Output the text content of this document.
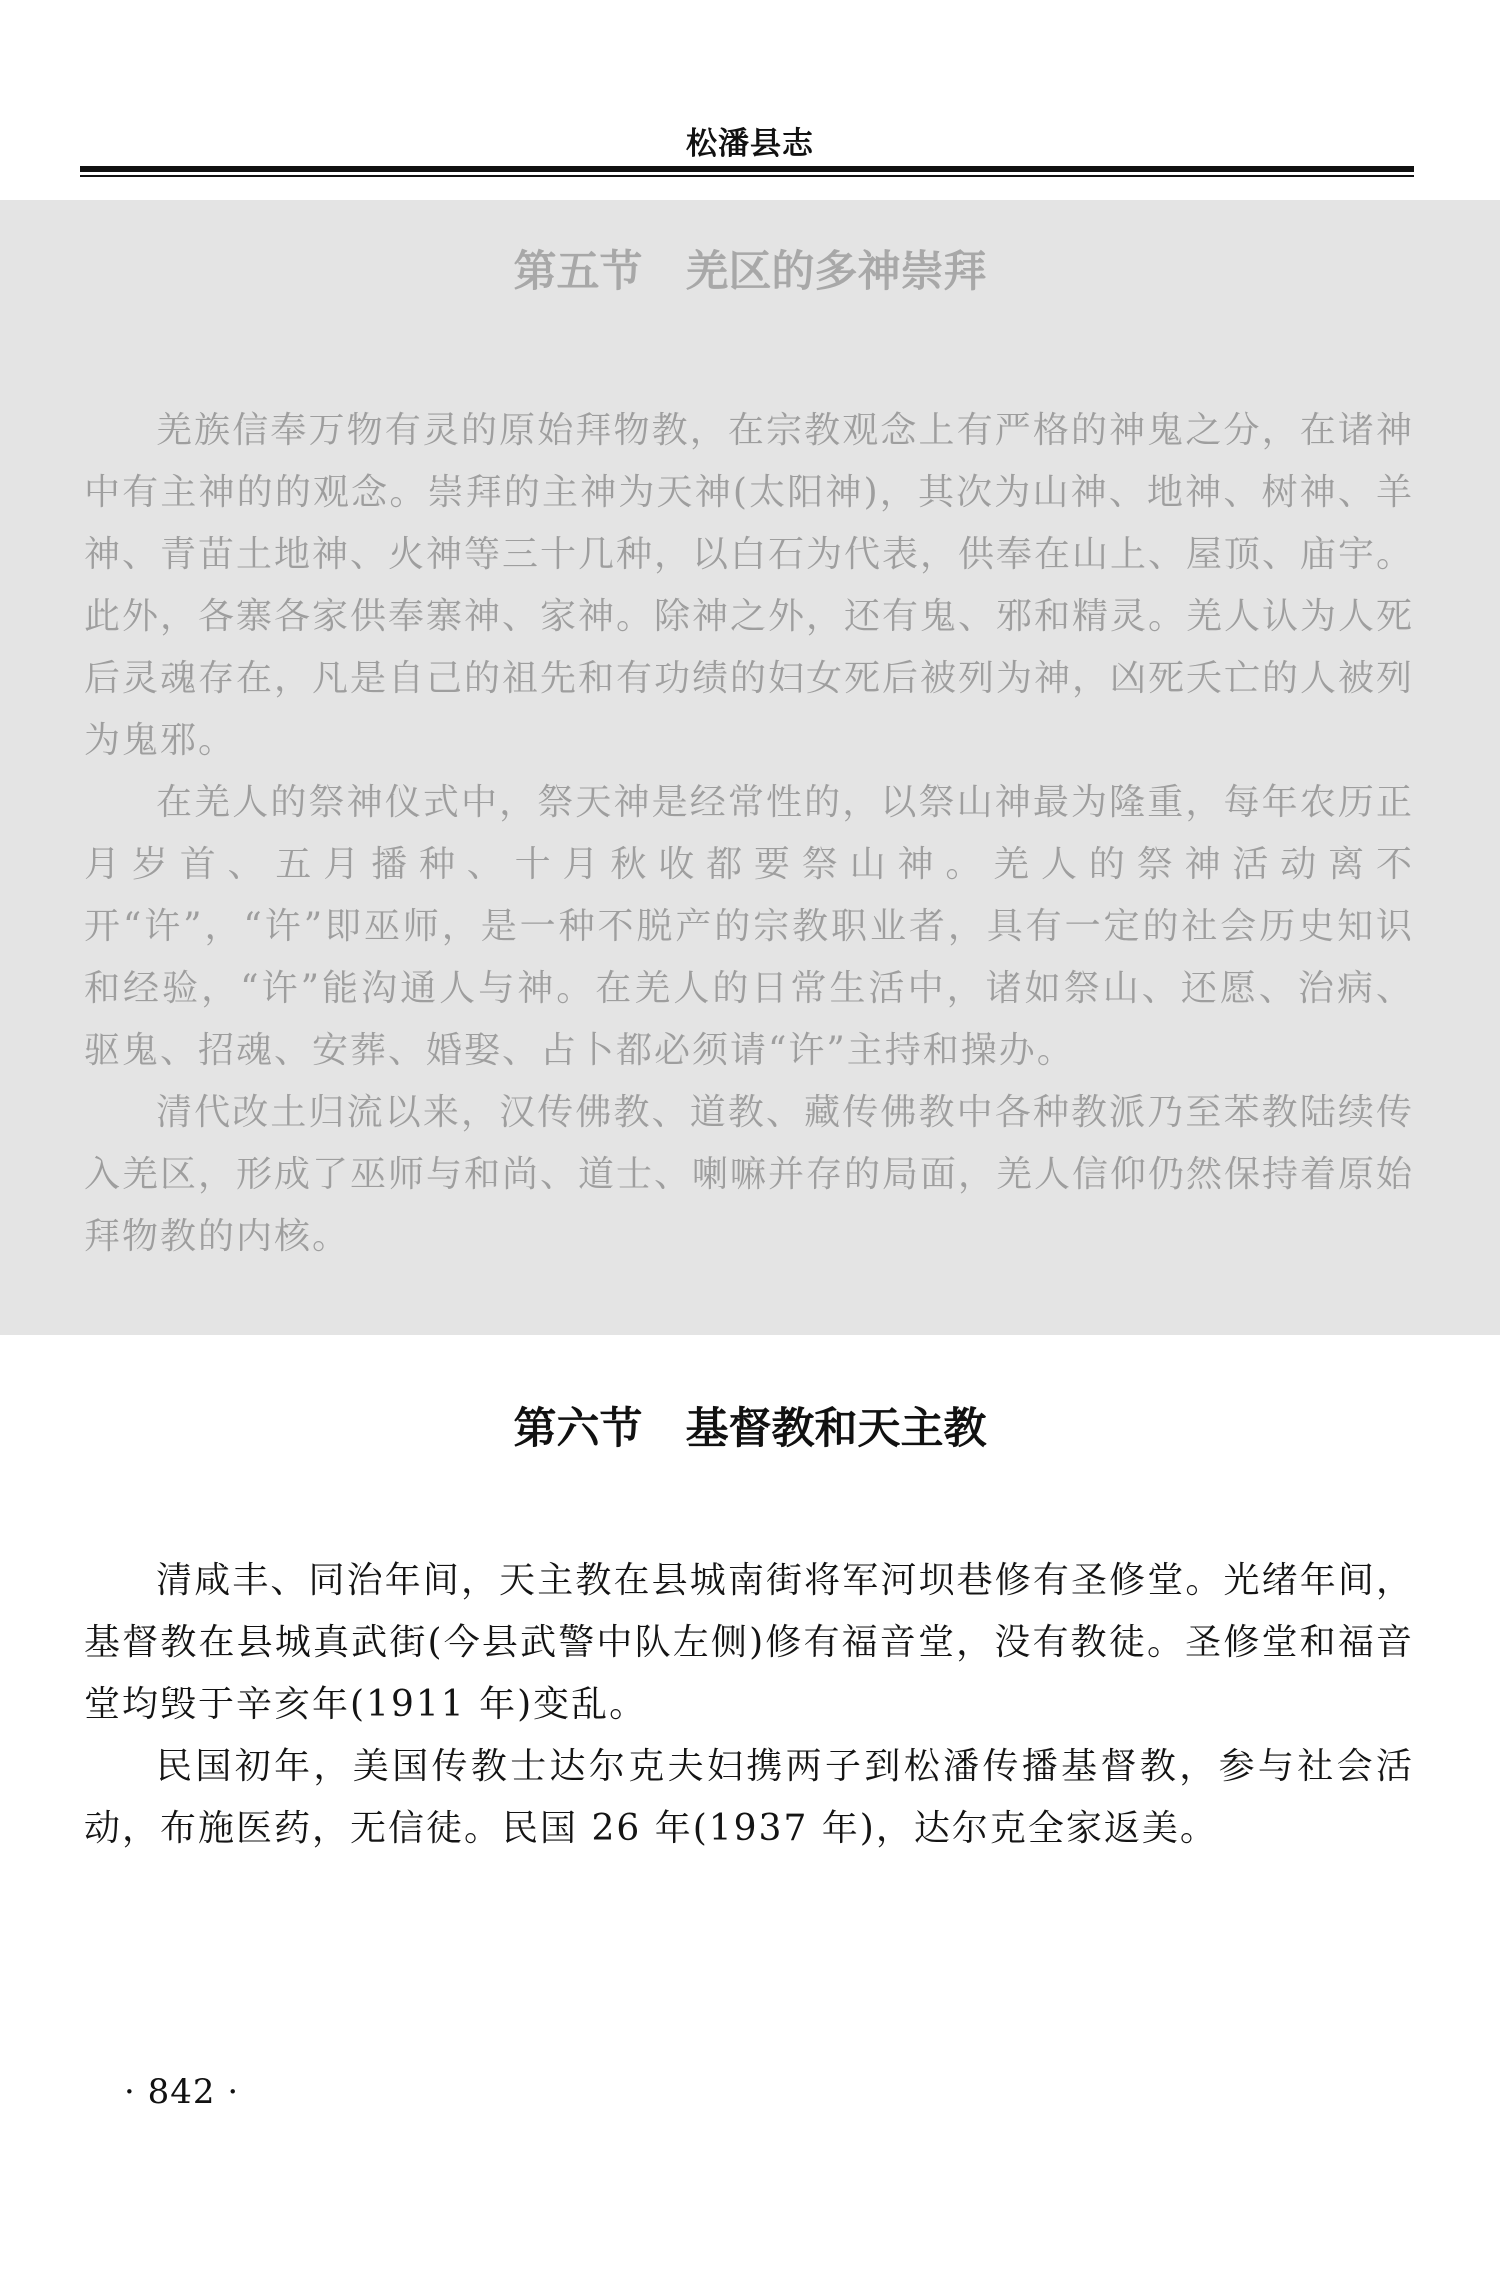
松潘县志
第五节　羌区的多神崇拜

羌族信奉万物有灵的原始拜物教，在宗教观念上有严格的神鬼之分，在诸神中有主神的的观念。崇拜的主神为天神(太阳神)，其次为山神、地神、树神、羊神、青苗土地神、火神等三十几种，以白石为代表，供奉在山上、屋顶、庙宇。此外，各寨各家供奉寨神、家神。除神之外，还有鬼、邪和精灵。羌人认为人死后灵魂存在，凡是自己的祖先和有功绩的妇女死后被列为神，凶死夭亡的人被列为鬼邪。

在羌人的祭神仪式中，祭天神是经常性的，以祭山神最为隆重，每年农历正月岁首、五月播种、十月秋收都要祭山神。羌人的祭神活动离不开“许”，“许”即巫师，是一种不脱产的宗教职业者，具有一定的社会历史知识和经验，“许”能沟通人与神。在羌人的日常生活中，诸如祭山、还愿、治病、驱鬼、招魂、安葬、婚娶、占卜都必须请“许”主持和操办。

清代改土归流以来，汉传佛教、道教、藏传佛教中各种教派乃至苯教陆续传入羌区，形成了巫师与和尚、道士、喇嘛并存的局面，羌人信仰仍然保持着原始拜物教的内核。

第六节　基督教和天主教

清咸丰、同治年间，天主教在县城南街将军河坝巷修有圣修堂。光绪年间，基督教在县城真武街(今县武警中队左侧)修有福音堂，没有教徒。圣修堂和福音堂均毁于辛亥年(1911 年)变乱。

民国初年，美国传教士达尔克夫妇携两子到松潘传播基督教，参与社会活动，布施医药，无信徒。民国 26 年(1937 年)，达尔克全家返美。

· 842 ·
